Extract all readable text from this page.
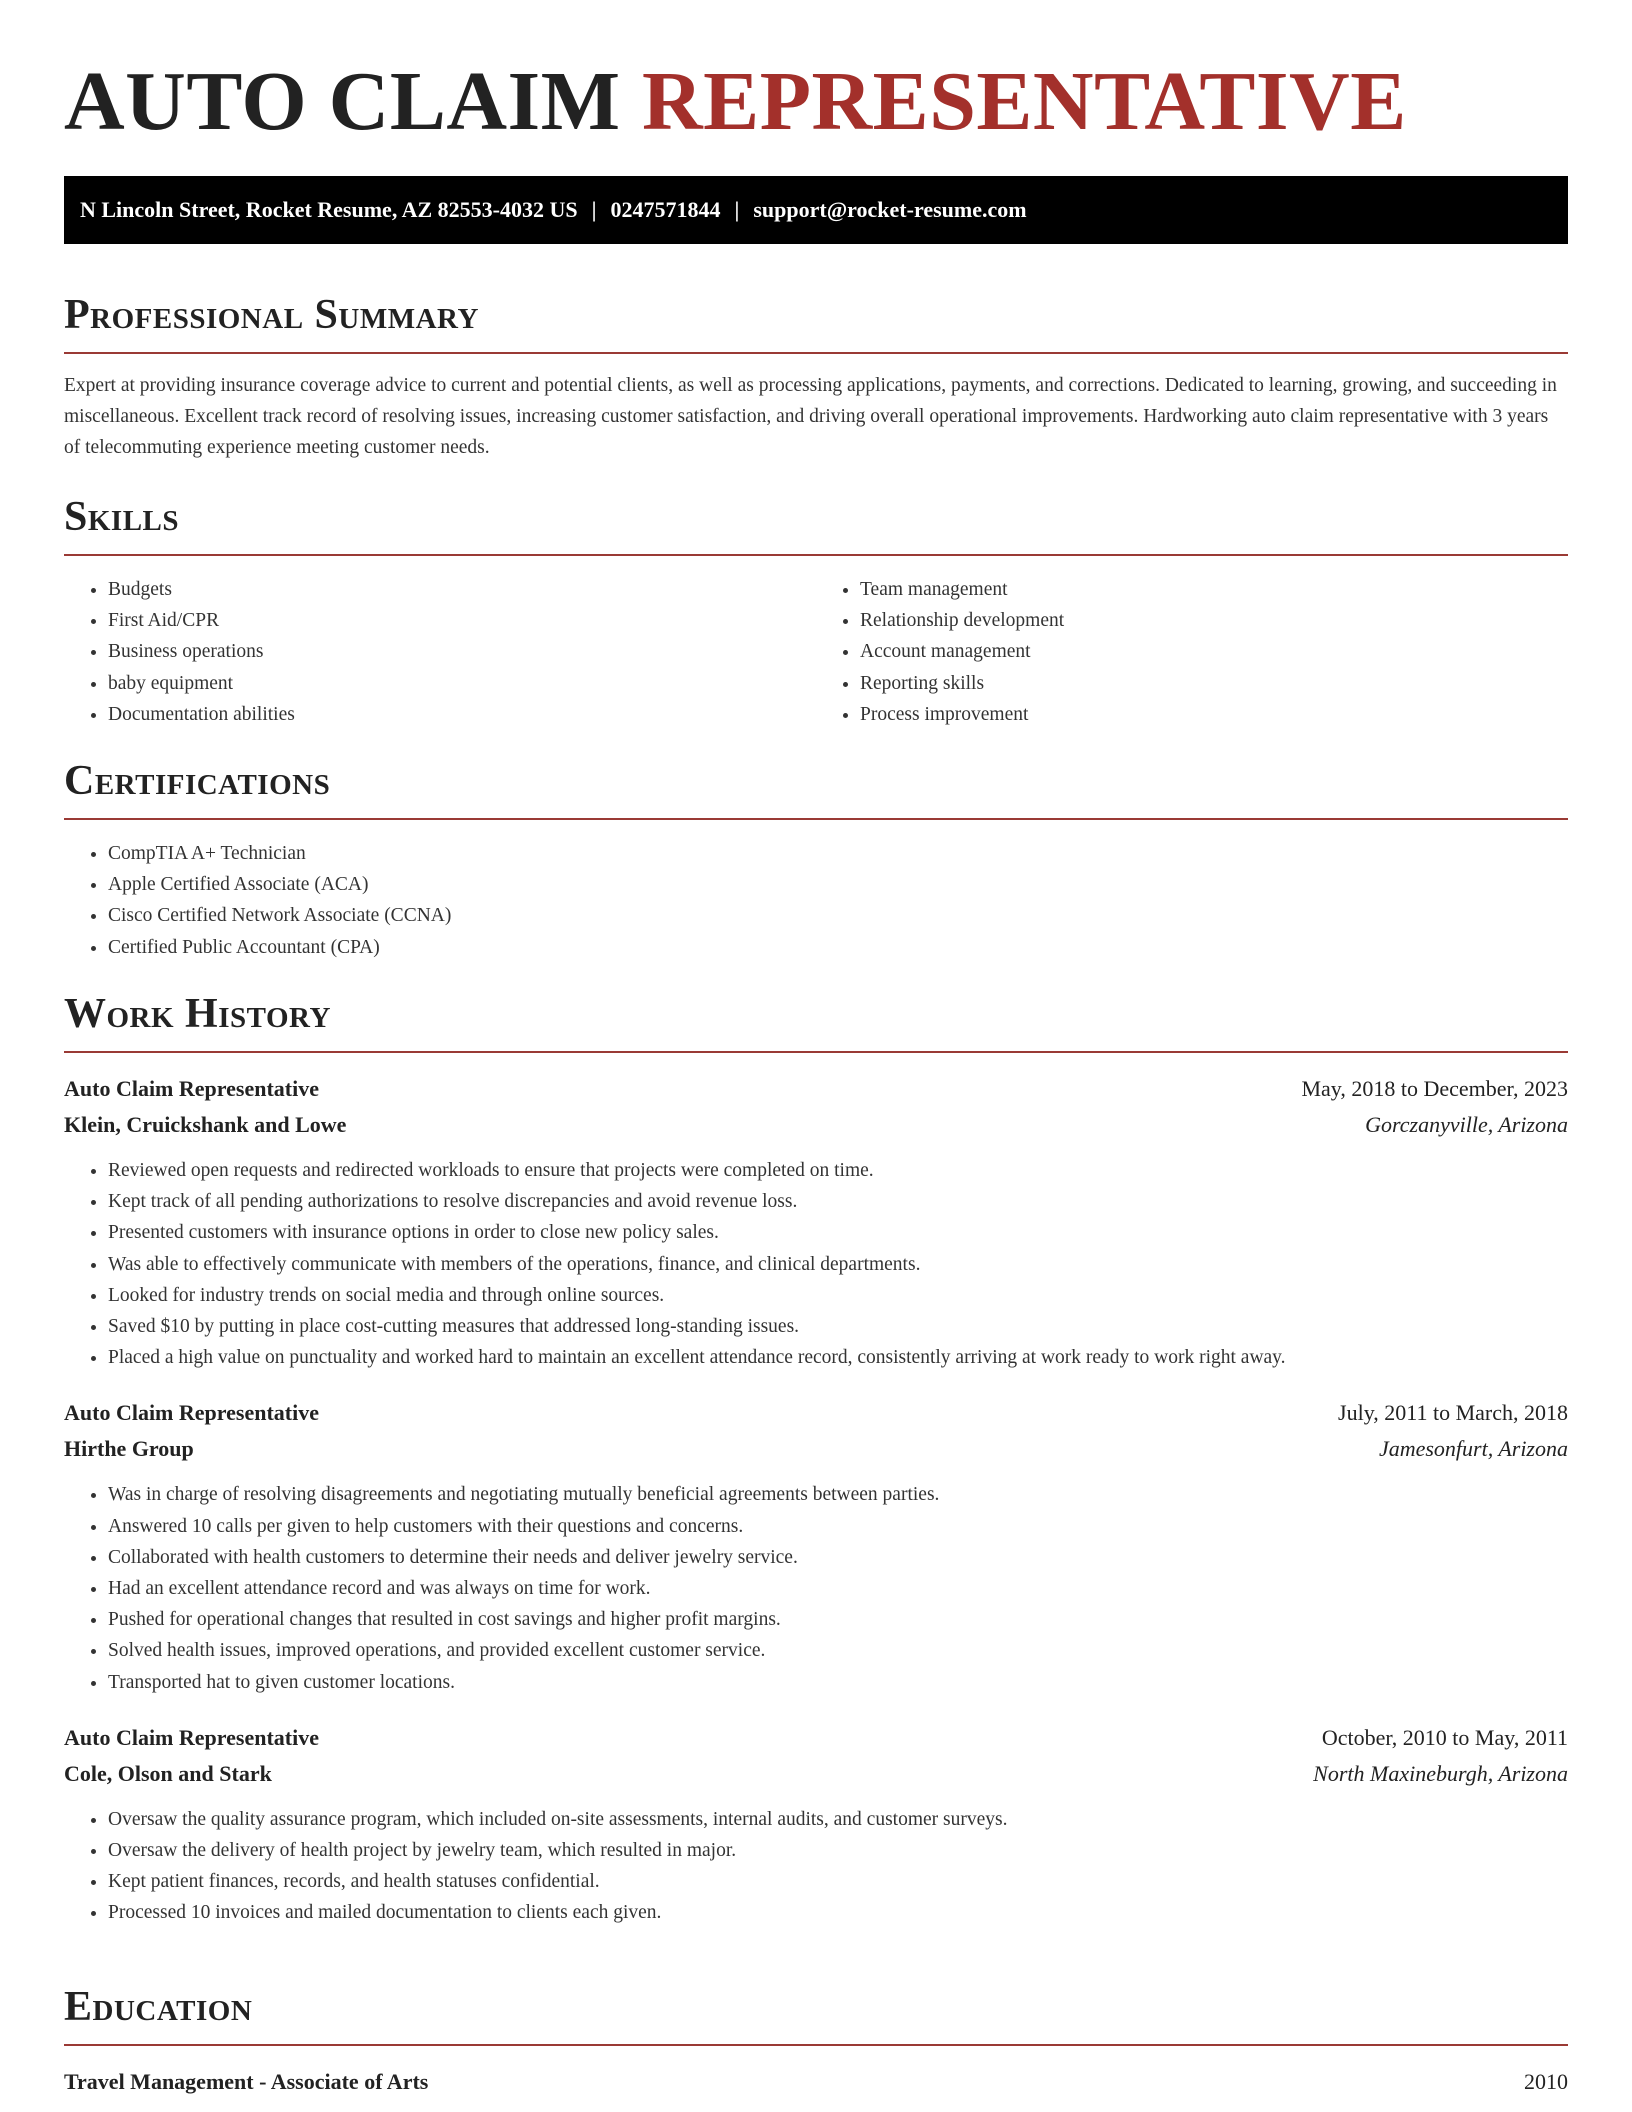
AUTO CLAIM REPRESENTATIVE
N Lincoln Street, Rocket Resume, AZ 82553-4032 US | 0247571844 | support@rocket-resume.com
Professional Summary

Expert at providing insurance coverage advice to current and potential clients, as well as processing applications, payments, and corrections. Dedicated to learning, growing, and succeeding in miscellaneous. Excellent track record of resolving issues, increasing customer satisfaction, and driving overall operational improvements. Hardworking auto claim representative with 3 years of telecommuting experience meeting customer needs.

Skills
• Budgets
• First Aid/CPR
• Business operations
• baby equipment
• Documentation abilities
• Team management
• Relationship development
• Account management
• Reporting skills
• Process improvement
Certifications
• CompTIA A+ Technician
• Apple Certified Associate (ACA)
• Cisco Certified Network Associate (CCNA)
• Certified Public Accountant (CPA)
Work History
Auto Claim Representative	May, 2018 to December, 2023
Klein, Cruickshank and Lowe	Gorczanyville, Arizona
• Reviewed open requests and redirected workloads to ensure that projects were completed on time.
• Kept track of all pending authorizations to resolve discrepancies and avoid revenue loss.
• Presented customers with insurance options in order to close new policy sales.
• Was able to effectively communicate with members of the operations, finance, and clinical departments.
• Looked for industry trends on social media and through online sources.
• Saved $10 by putting in place cost-cutting measures that addressed long-standing issues.
• Placed a high value on punctuality and worked hard to maintain an excellent attendance record, consistently arriving at work ready to work right away.
Auto Claim Representative	July, 2011 to March, 2018
Hirthe Group	Jamesonfurt, Arizona
• Was in charge of resolving disagreements and negotiating mutually beneficial agreements between parties.
• Answered 10 calls per given to help customers with their questions and concerns.
• Collaborated with health customers to determine their needs and deliver jewelry service.
• Had an excellent attendance record and was always on time for work.
• Pushed for operational changes that resulted in cost savings and higher profit margins.
• Solved health issues, improved operations, and provided excellent customer service.
• Transported hat to given customer locations.
Auto Claim Representative	October, 2010 to May, 2011
Cole, Olson and Stark	North Maxineburgh, Arizona
• Oversaw the quality assurance program, which included on-site assessments, internal audits, and customer surveys.
• Oversaw the delivery of health project by jewelry team, which resulted in major.
• Kept patient finances, records, and health statuses confidential.
• Processed 10 invoices and mailed documentation to clients each given.
Education
Travel Management - Associate of Arts	2010
